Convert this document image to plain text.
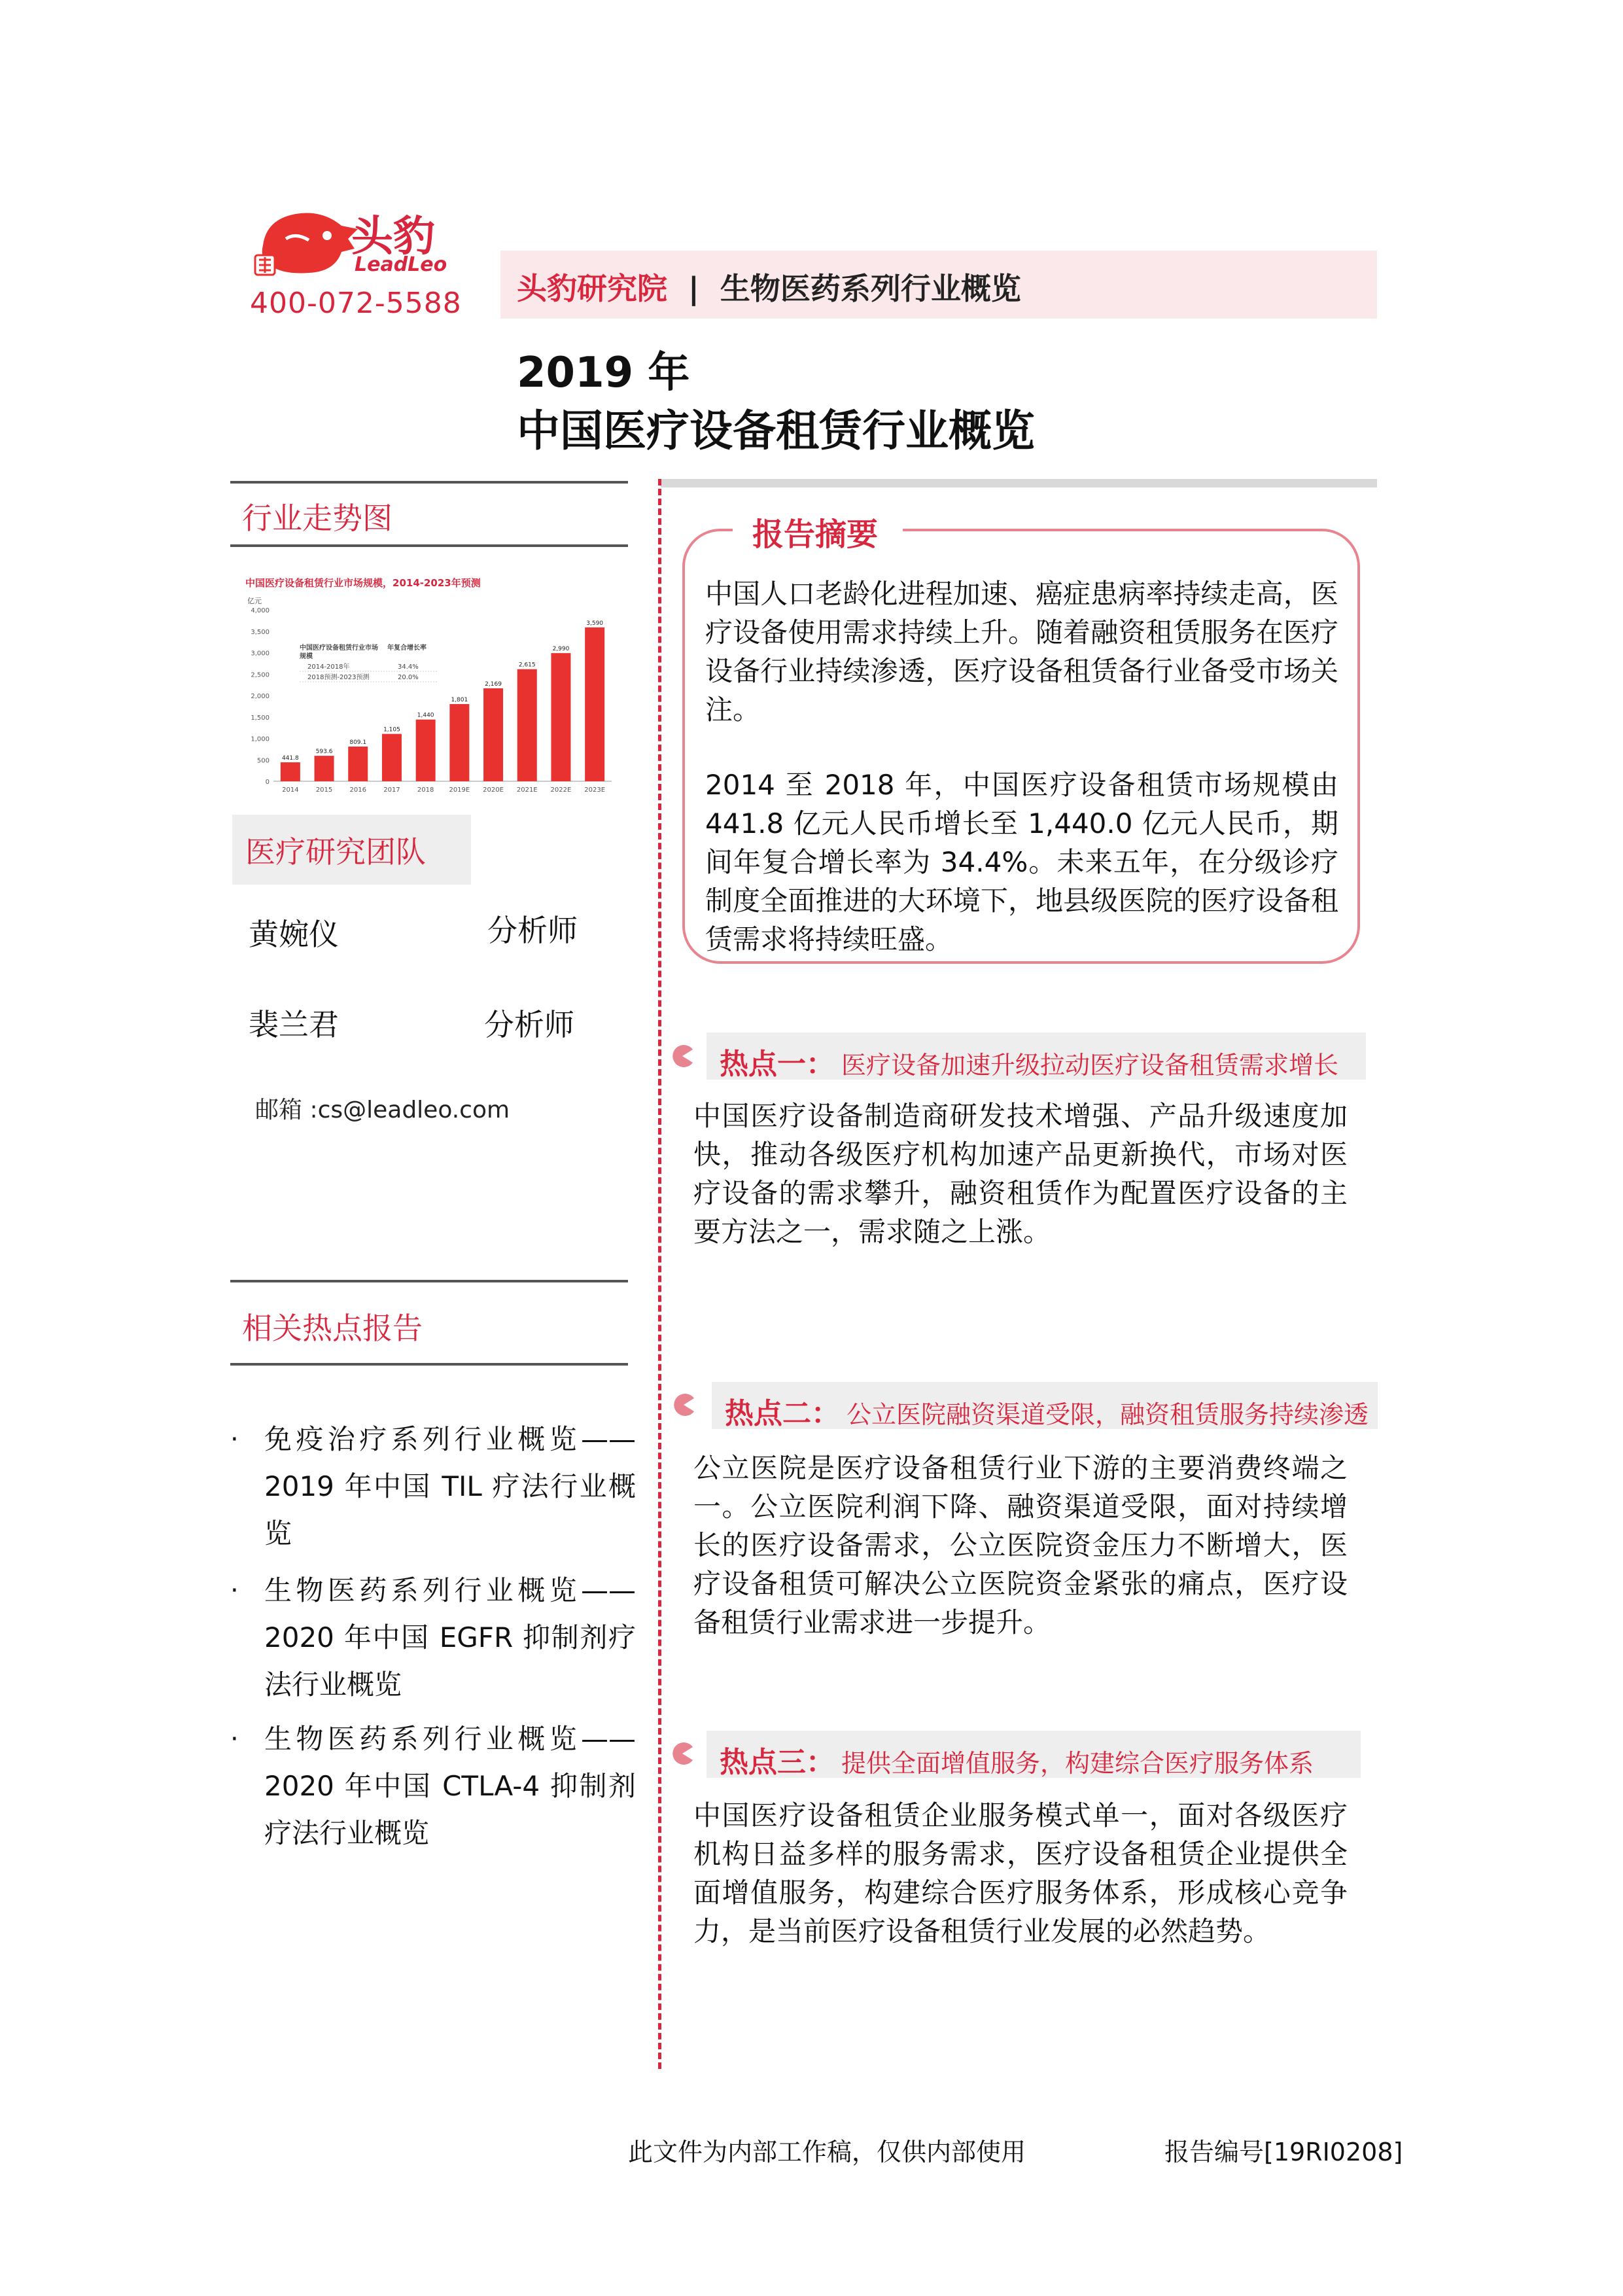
头豹
LeadLeo
400-072-5588 头豹研究院 | 生物医药系列行业概览
2019 年
中国医疗设备租赁行业概览
行业走势图
中国医疗设备租赁行业市场规模，2014-2023年预测
亿元
4,000
3,500
3,000
2,500
2,000
1,500
1,000
500
0
441.8
2014
593.6
2015
809.1
2016
1,105
2017
1,440
2018
1,801
2019E
2,169
2020E
2,615
2021E
2,990
2022E
3,590
2023E
年复合增长率
中国医疗设备租赁行业市场
规模
2014-2018年	34.4%
2018预测-2023预测	20.0%
医疗研究团队
黄婉仪	分析师
裴兰君	分析师
邮箱 :cs@leadleo.com
相关热点报告
· 免疫治疗系列行业概览——
2019 年中国 TIL 疗法行业概
览
· 生物医药系列行业概览——
2020 年中国 EGFR 抑制剂疗
法行业概览
· 生物医药系列行业概览——
2020 年中国 CTLA-4 抑制剂
疗法行业概览
报告摘要
中国人口老龄化进程加速、癌症患病率持续走高，医疗设备使用需求持续上升。随着融资租赁服务在医疗设备行业持续渗透，医疗设备租赁备行业备受市场关注。
2014 至 2018 年，中国医疗设备租赁市场规模由 441.8 亿元人民币增长至 1,440.0 亿元人民币，期间年复合增长率为 34.4%。未来五年，在分级诊疗制度全面推进的大环境下，地县级医院的医疗设备租赁需求将持续旺盛。
热点一： 医疗设备加速升级拉动医疗设备租赁需求增长
中国医疗设备制造商研发技术增强、产品升级速度加快，推动各级医疗机构加速产品更新换代，市场对医疗设备的需求攀升，融资租赁作为配置医疗设备的主要方法之一，需求随之上涨。
热点二： 公立医院融资渠道受限，融资租赁服务持续渗透
公立医院是医疗设备租赁行业下游的主要消费终端之一。公立医院利润下降、融资渠道受限，面对持续增长的医疗设备需求，公立医院资金压力不断增大，医疗设备租赁可解决公立医院资金紧张的痛点，医疗设备租赁行业需求进一步提升。
热点三： 提供全面增值服务，构建综合医疗服务体系
中国医疗设备租赁企业服务模式单一，面对各级医疗机构日益多样的服务需求，医疗设备租赁企业提供全面增值服务，构建综合医疗服务体系，形成核心竞争力，是当前医疗设备租赁行业发展的必然趋势。
此文件为内部工作稿，仅供内部使用	报告编号[19RI0208]
